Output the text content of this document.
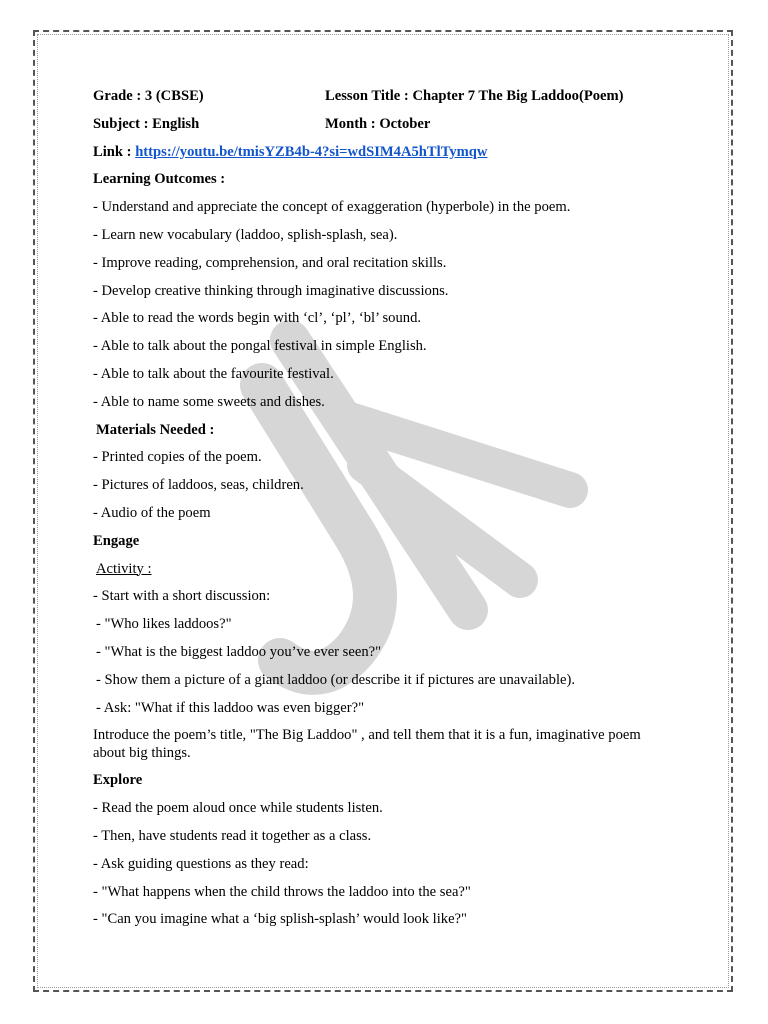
Grade : 3 (CBSE)	Lesson Title : Chapter 7 The Big Laddoo(Poem)
Subject : English	Month : October
Link : https://youtu.be/tmisYZB4b-4?si=wdSIM4A5hTlTymqw
Learning Outcomes :
- Understand and appreciate the concept of exaggeration (hyperbole) in the poem.
- Learn new vocabulary (laddoo, splish-splash, sea).
- Improve reading, comprehension, and oral recitation skills.
- Develop creative thinking through imaginative discussions.
- Able to read the words begin with ‘cl’, ‘pl’, ‘bl’ sound.
- Able to talk about the pongal festival in simple English.
- Able to talk about the favourite festival.
- Able to name some sweets and dishes.
Materials Needed :
- Printed copies of the poem.
- Pictures of laddoos, seas, children.
- Audio of the poem
Engage
Activity :
- Start with a short discussion:
- "Who likes laddoos?"
- "What is the biggest laddoo you’ve ever seen?"
- Show them a picture of a giant laddoo (or describe it if pictures are unavailable).
- Ask: "What if this laddoo was even bigger?"
Introduce the poem’s title, "The Big Laddoo" , and tell them that it is a fun, imaginative poem about big things.
Explore
- Read the poem aloud once while students listen.
- Then, have students read it together as a class.
- Ask guiding questions as they read:
- "What happens when the child throws the laddoo into the sea?"
- "Can you imagine what a ‘big splish-splash’ would look like?"
